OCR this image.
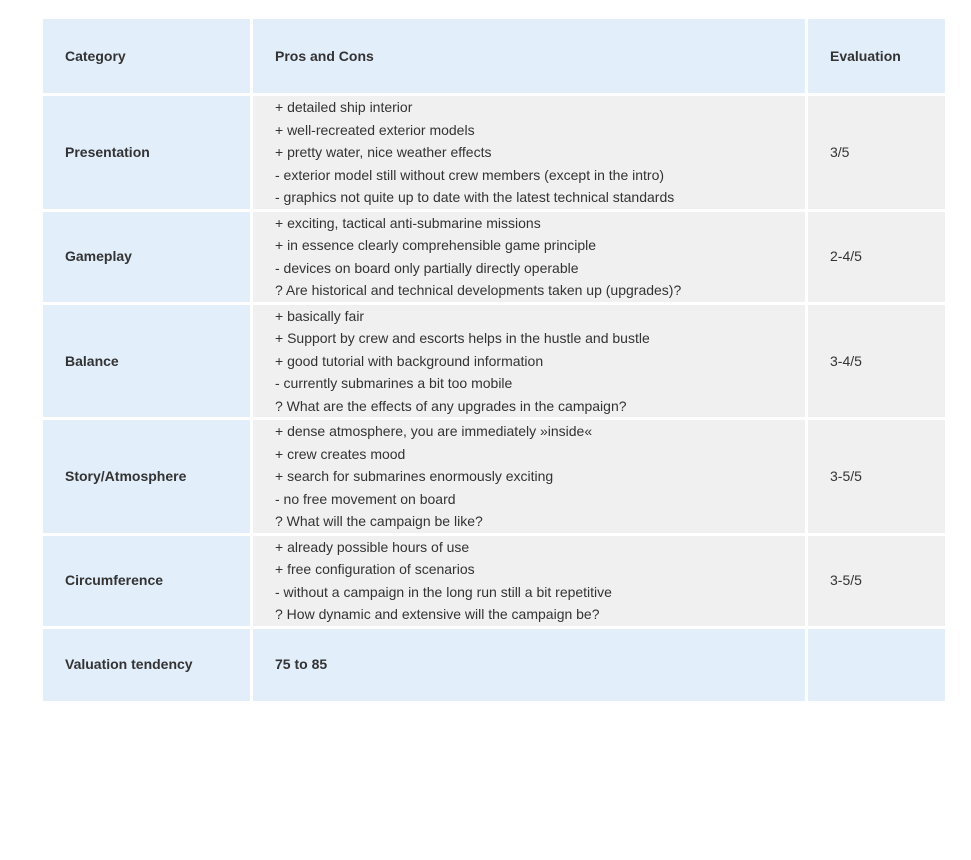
Category	Pros and Cons	Evaluation
Presentation	+ detailed ship interior
+ well-recreated exterior models
+ pretty water, nice weather effects
- exterior model still without crew members (except in the intro)
- graphics not quite up to date with the latest technical standards	3/5
Gameplay	+ exciting, tactical anti-submarine missions
+ in essence clearly comprehensible game principle
- devices on board only partially directly operable
? Are historical and technical developments taken up (upgrades)?	2-4/5
Balance	+ basically fair
+ Support by crew and escorts helps in the hustle and bustle
+ good tutorial with background information
- currently submarines a bit too mobile
? What are the effects of any upgrades in the campaign?	3-4/5
Story/Atmosphere	+ dense atmosphere, you are immediately »inside«
+ crew creates mood
+ search for submarines enormously exciting
- no free movement on board
? What will the campaign be like?	3-5/5
Circumference	+ already possible hours of use
+ free configuration of scenarios
- without a campaign in the long run still a bit repetitive
? How dynamic and extensive will the campaign be?	3-5/5
Valuation tendency	75 to 85	
